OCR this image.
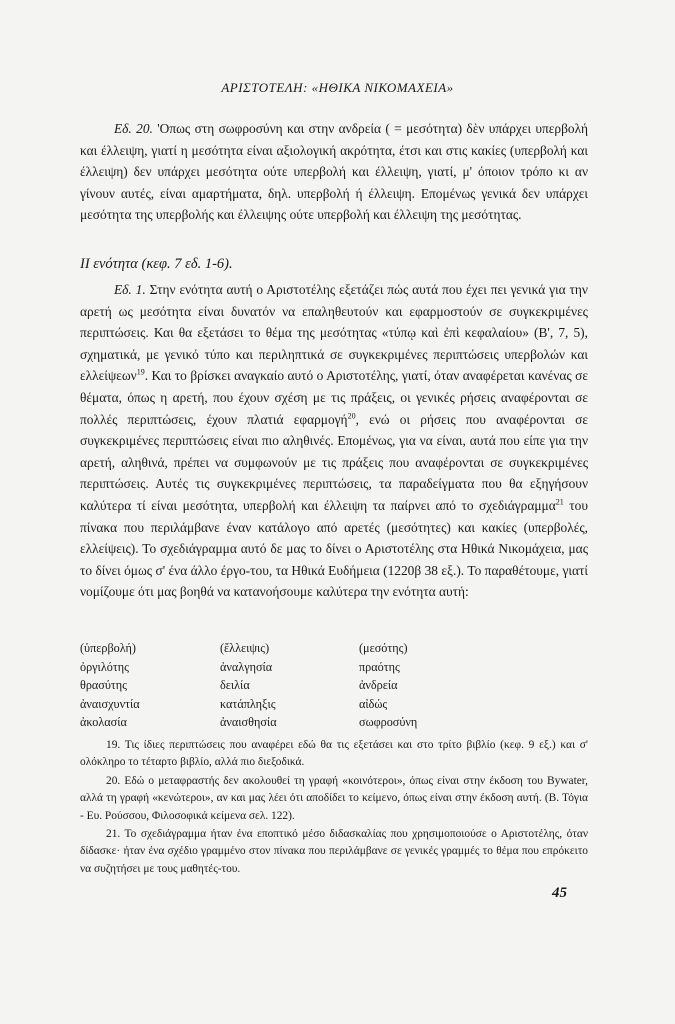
ΑΡΙΣΤΟΤΕΛΗ: «ΗΘΙΚΑ ΝΙΚΟΜΑΧΕΙΑ»

Εδ. 20. 'Οπως στη σωφροσύνη και στην ανδρεία ( = μεσότητα) δὲν υπάρχει υπερβολή και έλλειψη, γιατί η μεσότητα είναι αξιολογική ακρότητα, έτσι και στις κακίες (υπερβολή και έλλειψη) δεν υπάρχει μεσότητα ούτε υπερβολή και έλλειψη, γιατί, μ' όποιον τρόπο κι αν γίνουν αυτές, είναι αμαρτήματα, δηλ. υπερβολή ή έλλειψη. Επομένως γενικά δεν υπάρχει μεσότητα της υπερβολής και έλλειψης ούτε υπερβολή και έλλειψη της μεσότητας.

II ενότητα (κεφ. 7 εδ. 1-6).

Εδ. 1. Στην ενότητα αυτή ο Αριστοτέλης εξετάζει πώς αυτά που έχει πει γενικά για την αρετή ως μεσότητα είναι δυνατόν να επαληθευτούν και εφαρμοστούν σε συγκεκριμένες περιπτώσεις. Και θα εξετάσει το θέμα της μεσότητας «τύπῳ καὶ ἐπὶ κεφαλαίου» (Β', 7, 5), σχηματικά, με γενικό τύπο και περιληπτικά σε συγκεκριμένες περιπτώσεις υπερβολών και ελλείψεων$^{19}$. Και το βρίσκει αναγκαίο αυτό ο Αριστοτέλης, γιατί, όταν αναφέρεται κανένας σε θέματα, όπως η αρετή, που έχουν σχέση με τις πράξεις, οι γενικές ρήσεις αναφέρονται σε πολλές περιπτώσεις, έχουν πλατιά εφαρμογή$^{20}$, ενώ οι ρήσεις που αναφέρονται σε συγκεκριμένες περιπτώσεις είναι πιο αληθινές. Επομένως, για να είναι, αυτά που είπε για την αρετή, αληθινά, πρέπει να συμφωνούν με τις πράξεις που αναφέρονται σε συγκεκριμένες περιπτώσεις. Αυτές τις συγκεκριμένες περιπτώσεις, τα παραδείγματα που θα εξηγήσουν καλύτερα τί είναι μεσότητα, υπερβολή και έλλειψη τα παίρνει από το σχεδιάγραμμα$^{21}$ του πίνακα που περιλάμβανε έναν κατάλογο από αρετές (μεσότητες) και κακίες (υπερβολές, ελλείψεις). Το σχεδιάγραμμα αυτό δε μας το δίνει ο Αριστοτέλης στα Ηθικά Νικομάχεια, μας το δίνει όμως σ' ένα άλλο έργο-του, τα Ηθικά Ευδήμεια (1220β 38 εξ.). Το παραθέτουμε, γιατί νομίζουμε ότι μας βοηθά να κατανοήσουμε καλύτερα την ενότητα αυτή:

(ὑπερβολή)	(ἔλλειψις)	(μεσότης)
ὀργιλότης	ἀναλγησία	πραότης
θρασύτης	δειλία	ἀνδρεία
ἀναισχυντία	κατάπληξις	αἰδώς
ἀκολασία	ἀναισθησία	σωφροσύνη

19. Τις ίδιες περιπτώσεις που αναφέρει εδώ θα τις εξετάσει και στο τρίτο βιβλίο (κεφ. 9 εξ.) και σ' ολόκληρο το τέταρτο βιβλίο, αλλά πιο διεξοδικά.

20. Εδώ ο μεταφραστής δεν ακολουθεί τη γραφή «κοινότεροι», όπως είναι στην έκδοση του Bywater, αλλά τη γραφή «κενώτεροι», αν και μας λέει ότι αποδίδει το κείμενο, όπως είναι στην έκδοση αυτή. (Β. Τόγια - Ευ. Ρούσσου, Φιλοσοφικά κείμενα σελ. 122).

21. Το σχεδιάγραμμα ήταν ένα εποπτικό μέσο διδασκαλίας που χρησιμοποιούσε ο Αριστοτέλης, όταν δίδασκε· ήταν ένα σχέδιο γραμμένο στον πίνακα που περιλάμβανε σε γενικές γραμμές το θέμα που επρόκειτο να συζητήσει με τους μαθητές-του.

45
